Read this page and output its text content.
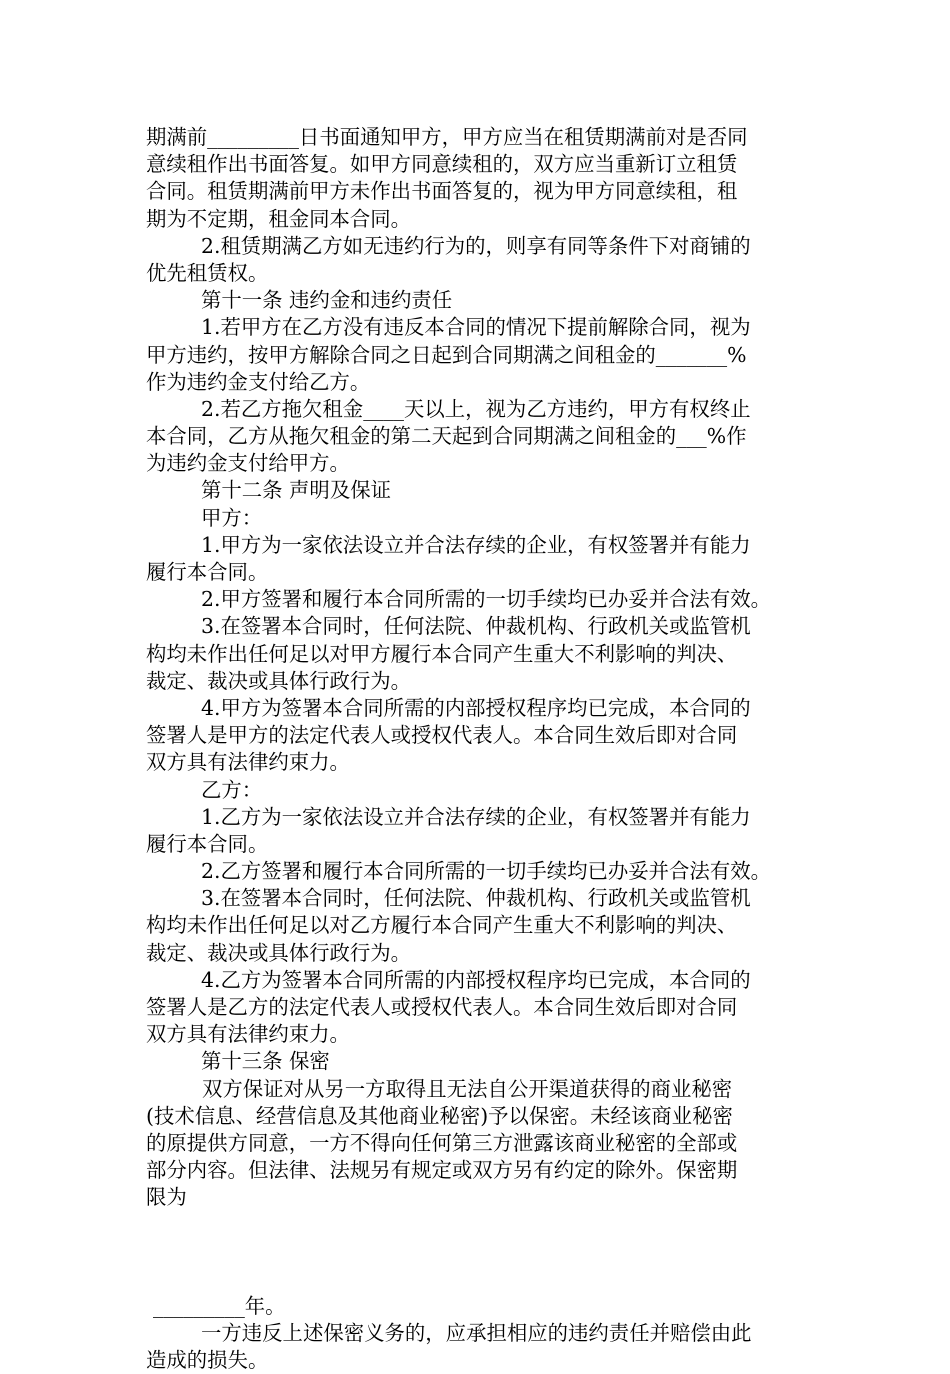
期满前_________日书面通知甲方，甲方应当在租赁期满前对是否同
意续租作出书面答复。如甲方同意续租的，双方应当重新订立租赁
合同。租赁期满前甲方未作出书面答复的，视为甲方同意续租，租
期为不定期，租金同本合同。
2.租赁期满乙方如无违约行为的，则享有同等条件下对商铺的
优先租赁权。
第十一条 违约金和违约责任
1.若甲方在乙方没有违反本合同的情况下提前解除合同，视为
甲方违约，按甲方解除合同之日起到合同期满之间租金的_______%
作为违约金支付给乙方。
2.若乙方拖欠租金____天以上，视为乙方违约，甲方有权终止
本合同，乙方从拖欠租金的第二天起到合同期满之间租金的___%作
为违约金支付给甲方。
第十二条 声明及保证
甲方：
1.甲方为一家依法设立并合法存续的企业，有权签署并有能力
履行本合同。
2.甲方签署和履行本合同所需的一切手续均已办妥并合法有效。
3.在签署本合同时，任何法院、仲裁机构、行政机关或监管机
构均未作出任何足以对甲方履行本合同产生重大不利影响的判决、
裁定、裁决或具体行政行为。
4.甲方为签署本合同所需的内部授权程序均已完成，本合同的
签署人是甲方的法定代表人或授权代表人。本合同生效后即对合同
双方具有法律约束力。
乙方：
1.乙方为一家依法设立并合法存续的企业，有权签署并有能力
履行本合同。
2.乙方签署和履行本合同所需的一切手续均已办妥并合法有效。
3.在签署本合同时，任何法院、仲裁机构、行政机关或监管机
构均未作出任何足以对乙方履行本合同产生重大不利影响的判决、
裁定、裁决或具体行政行为。
4.乙方为签署本合同所需的内部授权程序均已完成，本合同的
签署人是乙方的法定代表人或授权代表人。本合同生效后即对合同
双方具有法律约束力。
第十三条 保密
双方保证对从另一方取得且无法自公开渠道获得的商业秘密
(技术信息、经营信息及其他商业秘密)予以保密。未经该商业秘密
的原提供方同意，一方不得向任何第三方泄露该商业秘密的全部或
部分内容。但法律、法规另有规定或双方另有约定的除外。保密期
限为
_________年。
一方违反上述保密义务的，应承担相应的违约责任并赔偿由此
造成的损失。
